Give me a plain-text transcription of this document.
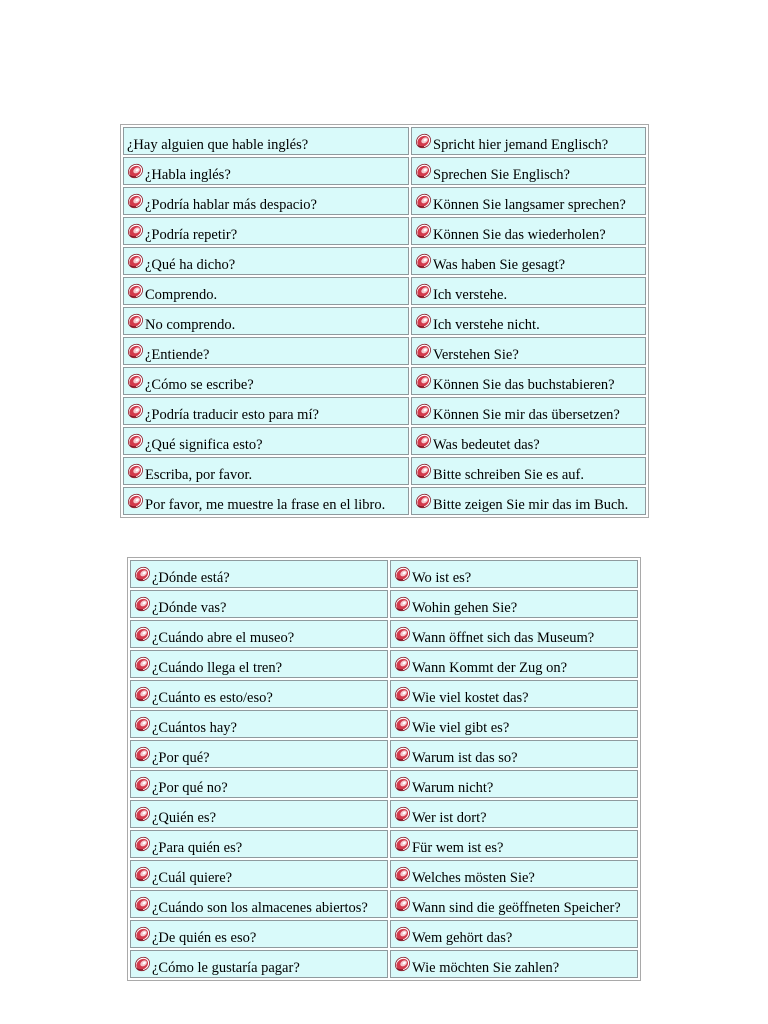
¿Hay alguien que hable inglés?	Spricht hier jemand Englisch?

¿Habla inglés?	Sprechen Sie Englisch?

¿Podría hablar más despacio?	Können Sie langsamer sprechen?

¿Podría repetir?	Können Sie das wiederholen?

¿Qué ha dicho?	Was haben Sie gesagt?

Comprendo.	Ich verstehe.

No comprendo.	Ich verstehe nicht.

¿Entiende?	Verstehen Sie?

¿Cómo se escribe?	Können Sie das buchstabieren?

¿Podría traducir esto para mí?	Können Sie mir das übersetzen?

¿Qué significa esto?	Was bedeutet das?

Escriba, por favor.	Bitte schreiben Sie es auf.

Por favor, me muestre la frase en el libro.	Bitte zeigen Sie mir das im Buch.
¿Dónde está?	Wo ist es?

¿Dónde vas?	Wohin gehen Sie?

¿Cuándo abre el museo?	Wann öffnet sich das Museum?

¿Cuándo llega el tren?	Wann Kommt der Zug on?

¿Cuánto es esto/eso?	Wie viel kostet das?

¿Cuántos hay?	Wie viel gibt es?

¿Por qué?	Warum ist das so?

¿Por qué no?	Warum nicht?

¿Quién es?	Wer ist dort?

¿Para quién es?	Für wem ist es?

¿Cuál quiere?	Welches mösten Sie?

¿Cuándo son los almacenes abiertos?	Wann sind die geöffneten Speicher?

¿De quién es eso?	Wem gehört das?

¿Cómo le gustaría pagar?	Wie möchten Sie zahlen?
